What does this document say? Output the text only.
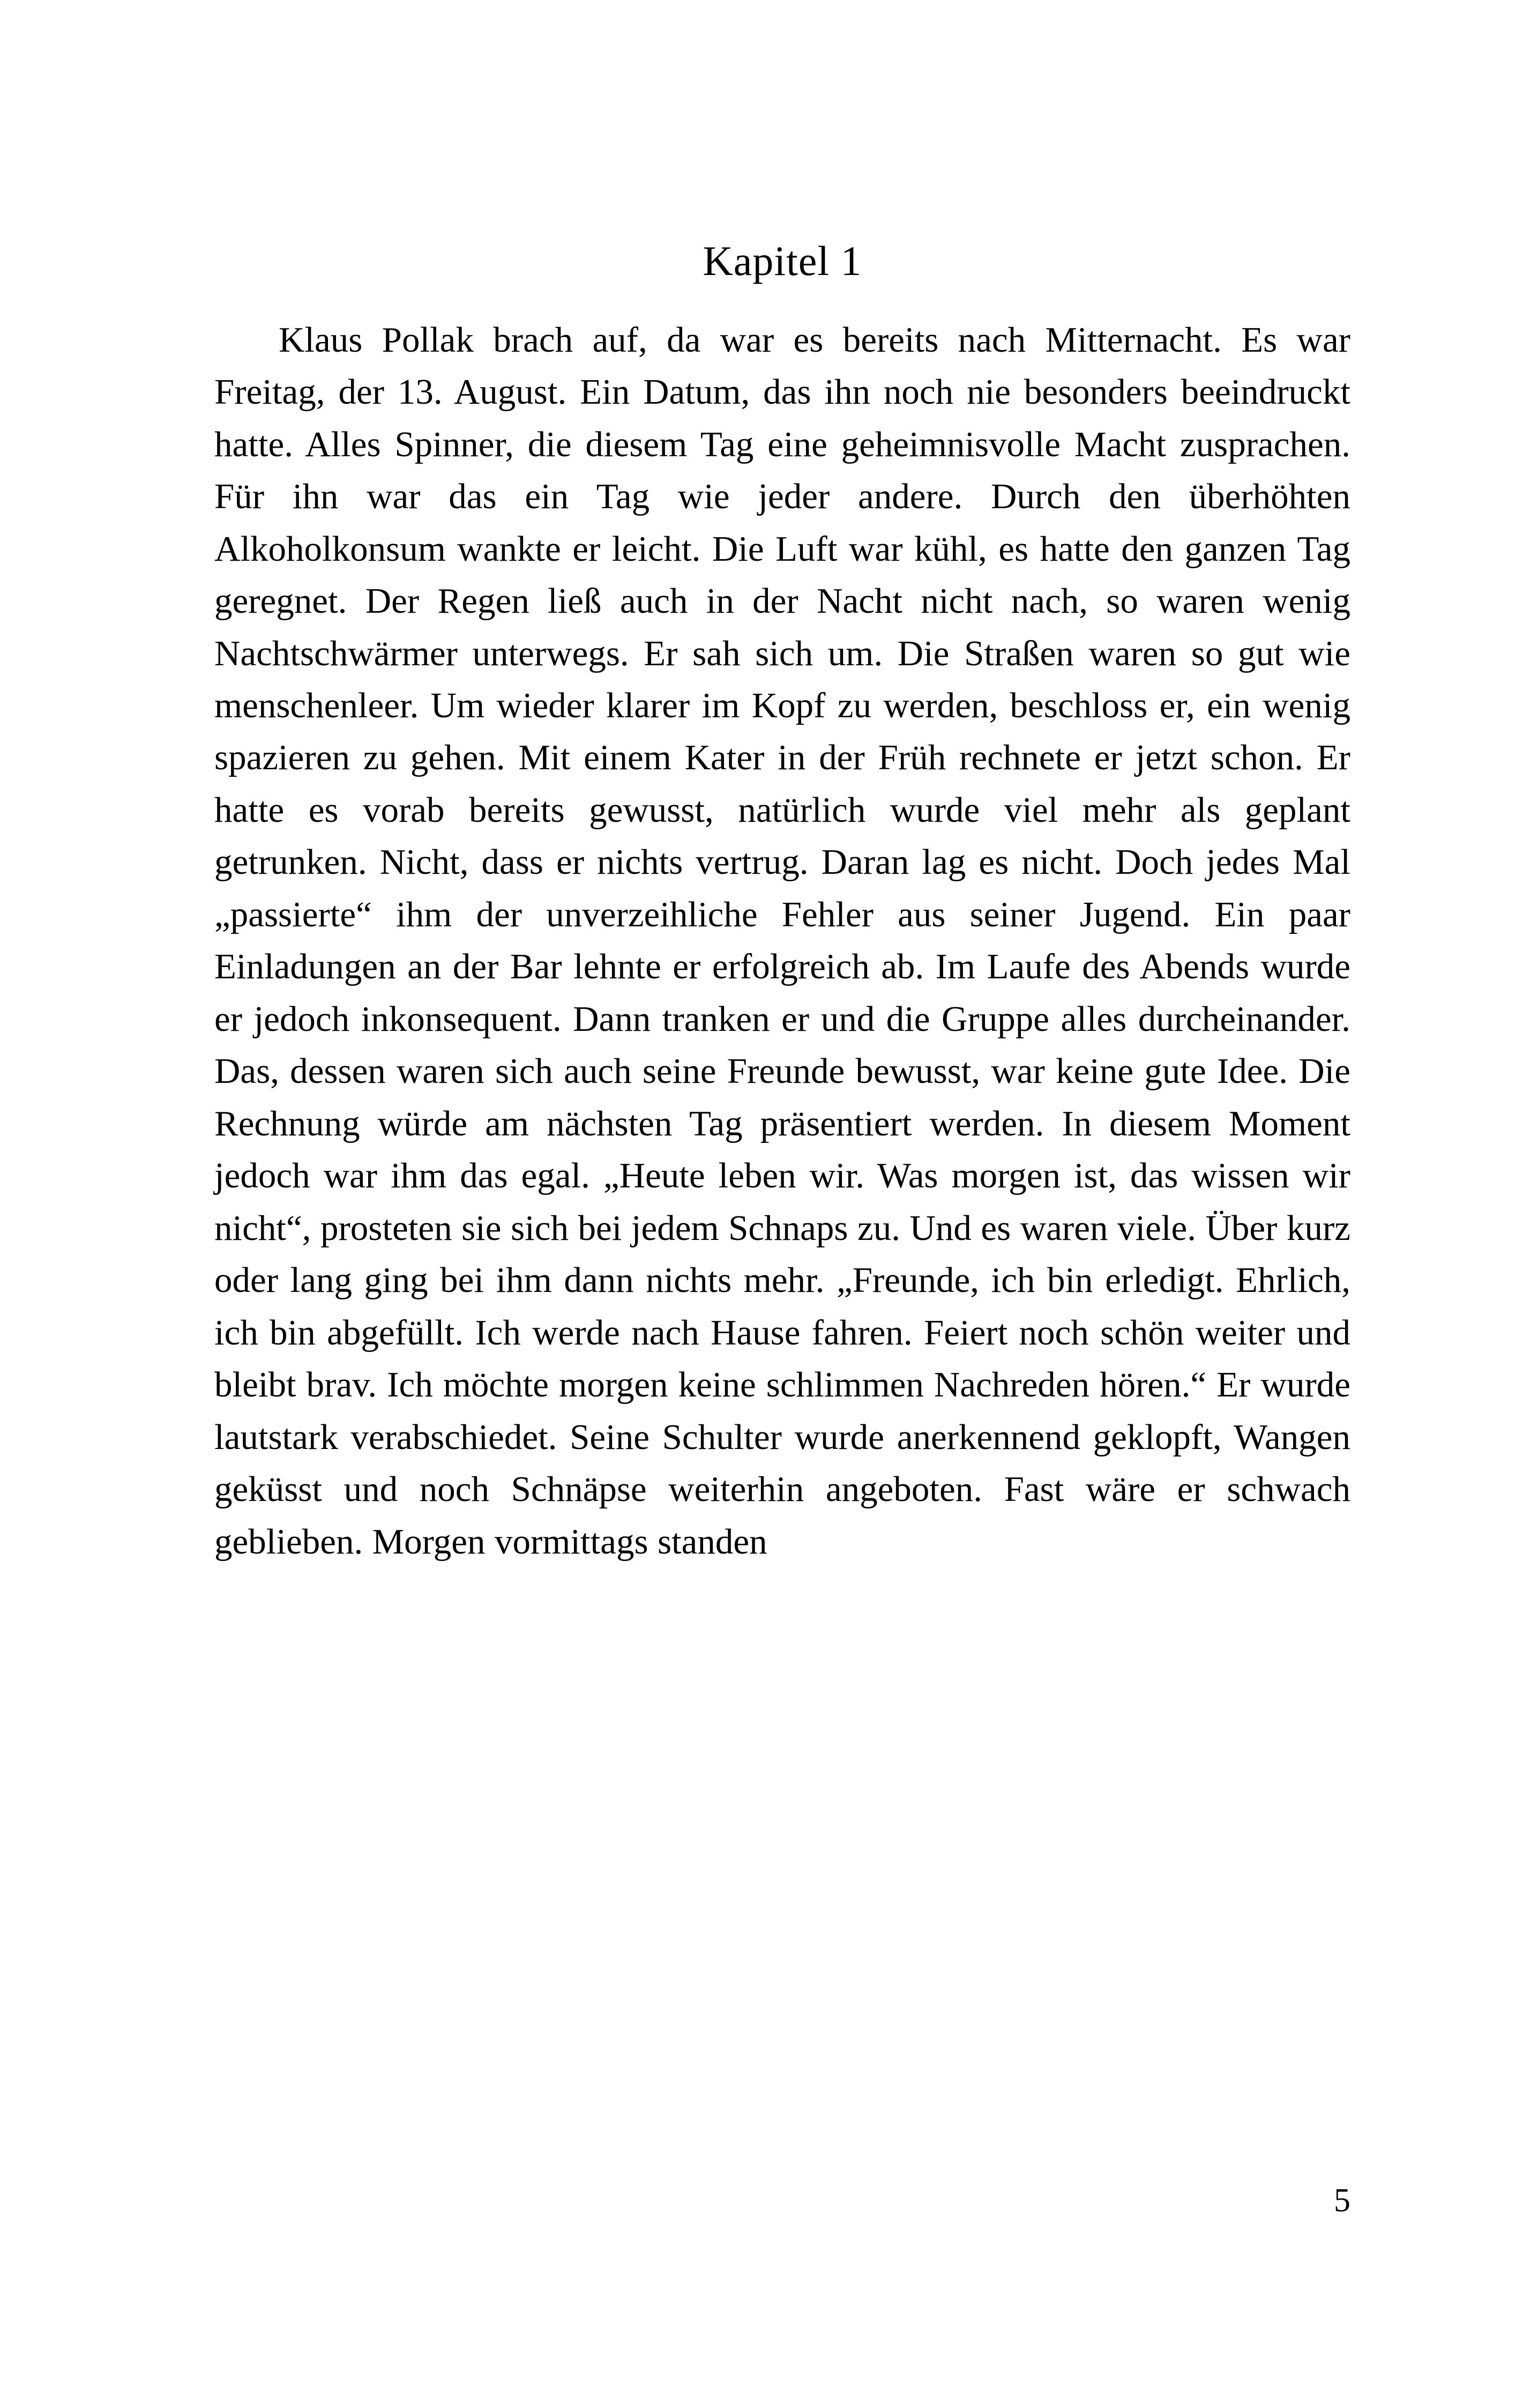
Kapitel 1

Klaus Pollak brach auf, da war es bereits nach Mitternacht. Es war Freitag, der 13. August. Ein Datum, das ihn noch nie besonders beeindruckt hatte. Alles Spinner, die diesem Tag eine geheimnisvolle Macht zusprachen. Für ihn war das ein Tag wie jeder andere. Durch den überhöhten Alkoholkonsum wankte er leicht. Die Luft war kühl, es hatte den ganzen Tag geregnet. Der Regen ließ auch in der Nacht nicht nach, so waren wenig Nachtschwärmer unterwegs. Er sah sich um. Die Straßen waren so gut wie menschenleer. Um wieder klarer im Kopf zu werden, beschloss er, ein wenig spazieren zu gehen. Mit einem Kater in der Früh rechnete er jetzt schon. Er hatte es vorab bereits gewusst, natürlich wurde viel mehr als geplant getrunken. Nicht, dass er nichts vertrug. Daran lag es nicht. Doch jedes Mal „passierte“ ihm der unverzeihliche Fehler aus seiner Jugend. Ein paar Einladungen an der Bar lehnte er erfolgreich ab. Im Laufe des Abends wurde er jedoch inkonsequent. Dann tranken er und die Gruppe alles durcheinander. Das, dessen waren sich auch seine Freunde bewusst, war keine gute Idee. Die Rechnung würde am nächsten Tag präsentiert werden. In diesem Moment jedoch war ihm das egal. „Heute leben wir. Was morgen ist, das wissen wir nicht“, prosteten sie sich bei jedem Schnaps zu. Und es waren viele. Über kurz oder lang ging bei ihm dann nichts mehr. „Freunde, ich bin erledigt. Ehrlich, ich bin abgefüllt. Ich werde nach Hause fahren. Feiert noch schön weiter und bleibt brav. Ich möchte morgen keine schlimmen Nachreden hören.“ Er wurde lautstark verabschiedet. Seine Schulter wurde anerkennend geklopft, Wangen geküsst und noch Schnäpse weiterhin angeboten. Fast wäre er schwach geblieben. Morgen vormittags standen

5
